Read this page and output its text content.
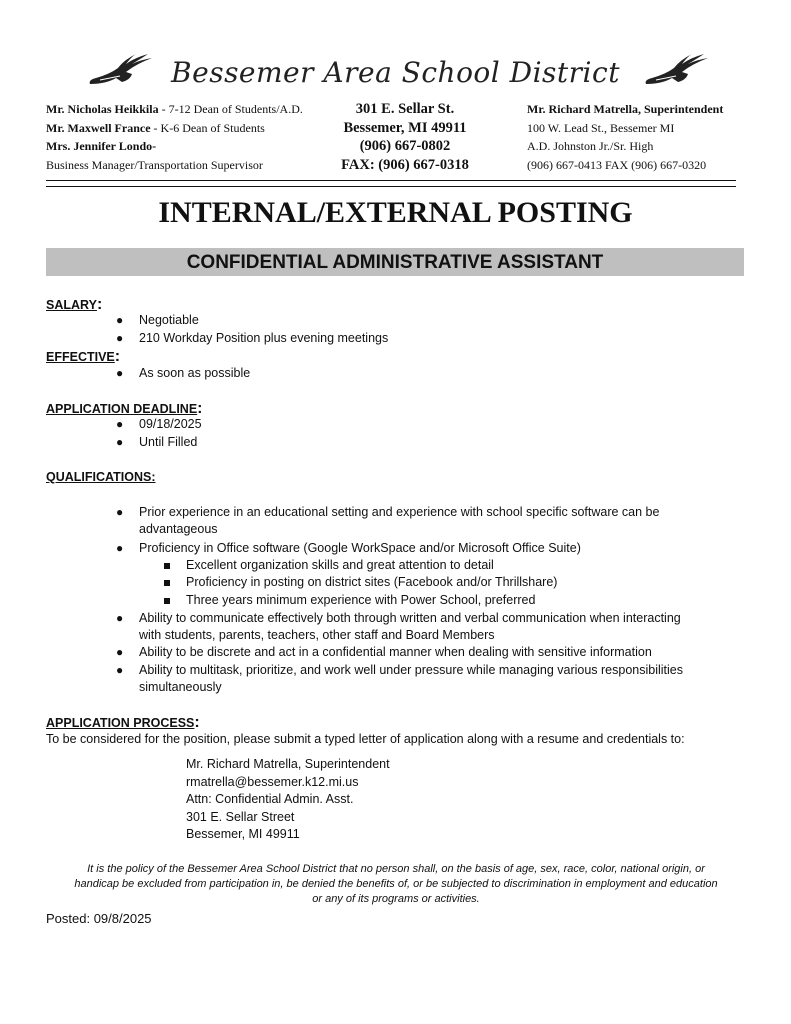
Bessemer Area School District
Mr. Nicholas Heikkila - 7-12 Dean of Students/A.D.
Mr. Maxwell France - K-6 Dean of Students
Mrs. Jennifer Londo-
Business Manager/Transportation Supervisor
301 E. Sellar St.
Bessemer, MI 49911
(906) 667-0802
FAX: (906) 667-0318
Mr. Richard Matrella, Superintendent
100 W. Lead St., Bessemer MI
A.D. Johnston Jr./Sr. High
(906) 667-0413 FAX (906) 667-0320
INTERNAL/EXTERNAL POSTING
CONFIDENTIAL ADMINISTRATIVE ASSISTANT
SALARY:
● Negotiable
● 210 Workday Position plus evening meetings
EFFECTIVE:
● As soon as possible
APPLICATION DEADLINE:
● 09/18/2025
● Until Filled
QUALIFICATIONS:
● Prior experience in an educational setting and experience with school specific software can be
advantageous
● Proficiency in Office software (Google WorkSpace and/or Microsoft Office Suite)
Excellent organization skills and great attention to detail
Proficiency in posting on district sites (Facebook and/or Thrillshare)
Three years minimum experience with Power School, preferred
● Ability to communicate effectively both through written and verbal communication when interacting
with students, parents, teachers, other staff and Board Members
● Ability to be discrete and act in a confidential manner when dealing with sensitive information
● Ability to multitask, prioritize, and work well under pressure while managing various responsibilities
simultaneously
APPLICATION PROCESS:
To be considered for the position, please submit a typed letter of application along with a resume and credentials to:
Mr. Richard Matrella, Superintendent
rmatrella@bessemer.k12.mi.us
Attn: Confidential Admin. Asst.
301 E. Sellar Street
Bessemer, MI 49911
It is the policy of the Bessemer Area School District that no person shall, on the basis of age, sex, race, color, national origin, or
handicap be excluded from participation in, be denied the benefits of, or be subjected to discrimination in employment and education
or any of its programs or activities.
Posted: 09/8/2025
